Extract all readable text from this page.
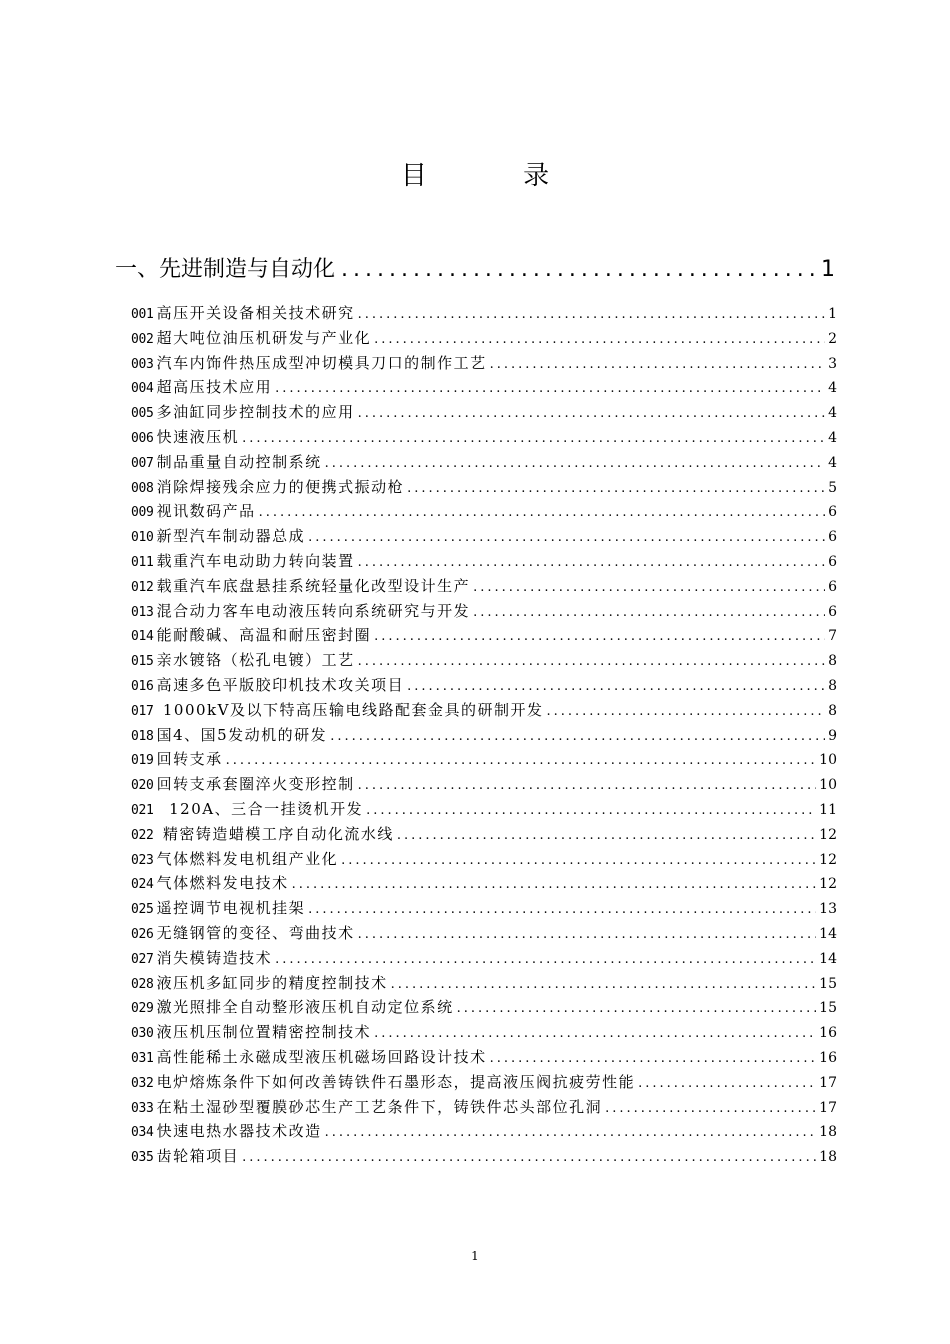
目 录
一、先进制造与自动化 .....	1
001 高压开关设备相关技术研究 .....	1
002 超大吨位油压机研发与产业化 .....	2
003 汽车内饰件热压成型冲切模具刀口的制作工艺 .....	3
004 超高压技术应用 .....	4
005 多油缸同步控制技术的应用 .....	4
006 快速液压机 .....	4
007 制品重量自动控制系统 .....	4
008 消除焊接残余应力的便携式振动枪 .....	5
009 视讯数码产品 .....	6
010 新型汽车制动器总成 .....	6
011 载重汽车电动助力转向装置 .....	6
012 载重汽车底盘悬挂系统轻量化改型设计生产 .....	6
013 混合动力客车电动液压转向系统研究与开发 .....	6
014 能耐酸碱、高温和耐压密封圈 .....	7
015 亲水镀铬（松孔电镀）工艺 .....	8
016 高速多色平版胶印机技术攻关项目 .....	8
017 1000kV及以下特高压输电线路配套金具的研制开发 .....	8
018 国4、国5发动机的研发 .....	9
019 回转支承 .....	10
020 回转支承套圈淬火变形控制 .....	10
021 120A、三合一挂烫机开发 .....	11
022 精密铸造蜡模工序自动化流水线 .....	12
023 气体燃料发电机组产业化 .....	12
024 气体燃料发电技术 .....	12
025 遥控调节电视机挂架 .....	13
026 无缝钢管的变径、弯曲技术 .....	14
027 消失模铸造技术 .....	14
028 液压机多缸同步的精度控制技术 .....	15
029 激光照排全自动整形液压机自动定位系统 .....	15
030 液压机压制位置精密控制技术 .....	16
031 高性能稀土永磁成型液压机磁场回路设计技术 .....	16
032 电炉熔炼条件下如何改善铸铁件石墨形态，提高液压阀抗疲劳性能 .....	17
033 在粘土湿砂型覆膜砂芯生产工艺条件下，铸铁件芯头部位孔洞 .....	17
034 快速电热水器技术改造 .....	18
035 齿轮箱项目 .....	18
1
